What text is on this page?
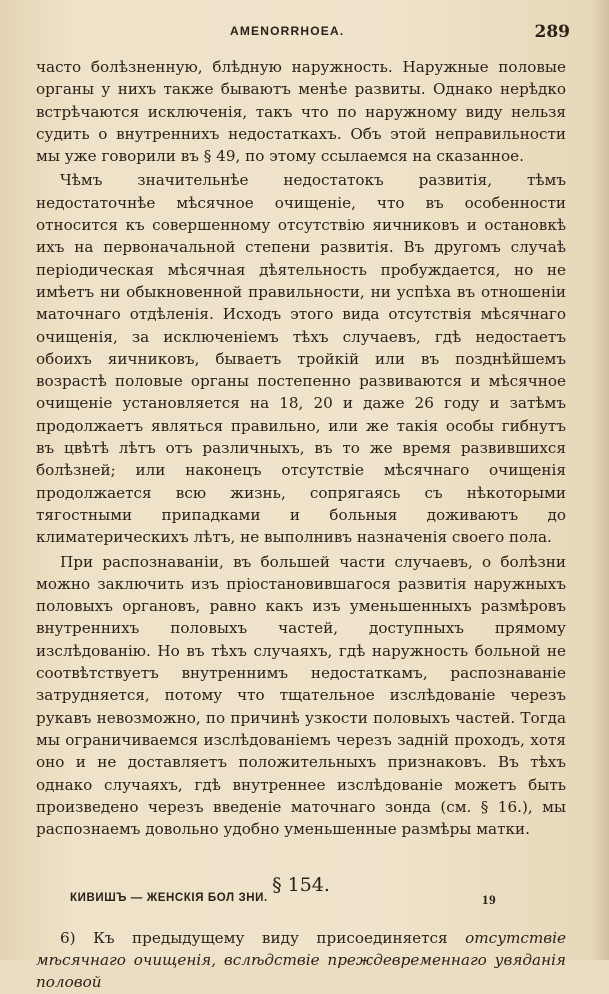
AMENORRHOEA.	289

часто болѣзненную, блѣдную наружность. Наружные половые органы у нихъ также бываютъ менѣе развиты. Однако нерѣдко встрѣчаются исключенія, такъ что по наружному виду нельзя судить о внутреннихъ недостаткахъ. Объ этой неправильности мы уже говорили въ § 49, по этому ссылаемся на сказанное.

Чѣмъ значительнѣе недостатокъ развитія, тѣмъ недостаточнѣе мѣсячное очищеніе, что въ особенности относится къ совершенному отсутствію яичниковъ и остановкѣ ихъ на первоначальной степени развитія. Въ другомъ случаѣ періодическая мѣсячная дѣятельность пробуждается, но не имѣетъ ни обыкновенной правильности, ни успѣха въ отношеніи маточнаго отдѣленія. Исходъ этого вида отсутствія мѣсячнаго очищенія, за исключеніемъ тѣхъ случаевъ, гдѣ недостаетъ обоихъ яичниковъ, бываетъ тройкій или въ позднѣйшемъ возрастѣ половые органы постепенно развиваются и мѣсячное очищеніе установляется на 18, 20 и даже 26 году и затѣмъ продолжаетъ являться правильно, или же такія особы гибнутъ въ цвѣтѣ лѣтъ отъ различныхъ, въ то же время развившихся болѣзней; или наконецъ отсутствіе мѣсячнаго очищенія продолжается всю жизнь, сопрягаясь съ нѣкоторыми тягостными припадками и больныя доживаютъ до климатерическихъ лѣтъ, не выполнивъ назначенія своего пола.

При распознаваніи, въ большей части случаевъ, о болѣзни можно заключить изъ пріостановившагося развитія наружныхъ половыхъ органовъ, равно какъ изъ уменьшенныхъ размѣровъ внутреннихъ половыхъ частей, доступныхъ прямому изслѣдованію. Но въ тѣхъ случаяхъ, гдѣ наружность больной не соотвѣтствуетъ внутреннимъ недостаткамъ, распознаваніе затрудняется, потому что тщательное изслѣдованіе черезъ рукавъ невозможно, по причинѣ узкости половыхъ частей. Тогда мы ограничиваемся изслѣдованіемъ черезъ задній проходъ, хотя оно и не доставляетъ положительныхъ признаковъ. Въ тѣхъ однако случаяхъ, гдѣ внутреннее изслѣдованіе можетъ быть произведено черезъ введеніе маточнаго зонда (см. § 16.), мы распознаемъ довольно удобно уменьшенные размѣры матки.

§ 154.

6) Къ предыдущему виду присоединяется отсутствіе мѣсячнаго очищенія, вслѣдствіе преждевременнаго увяданія половой

КИВИШЪ — ЖЕНСКІЯ БОЛ ЗНИ.	19
